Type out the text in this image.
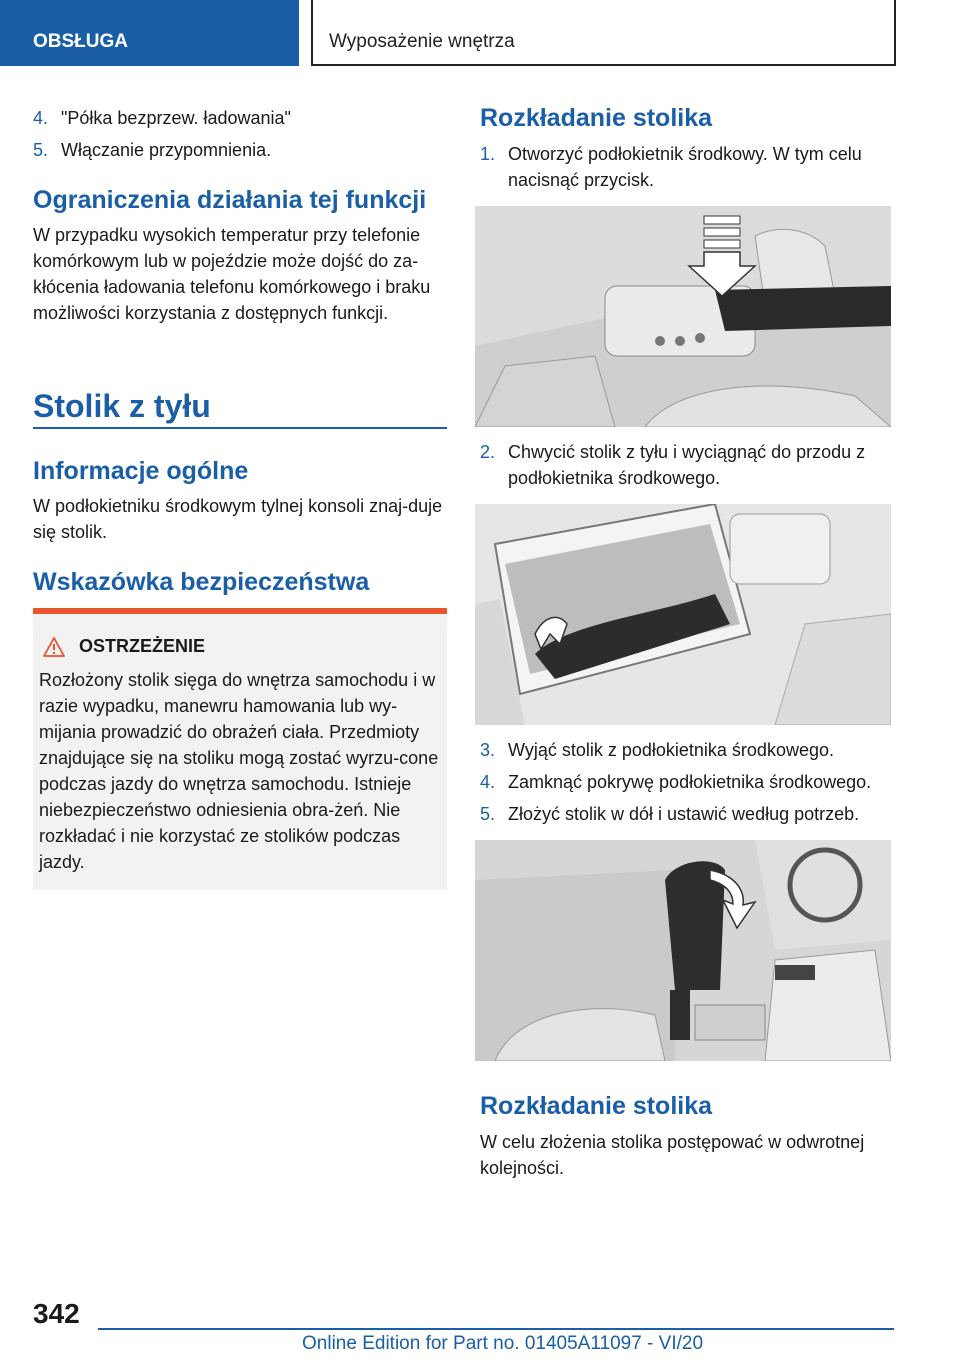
OBSŁUGA	Wyposażenie wnętrza
4. "Półka bezprzew. ładowania"
5. Włączanie przypomnienia.
Ograniczenia działania tej funkcji
W przypadku wysokich temperatur przy telefonie komórkowym lub w pojeździe może dojść do za-kłócenia ładowania telefonu komórkowego i braku możliwości korzystania z dostępnych funkcji.
Stolik z tyłu
Informacje ogólne
W podłokietniku środkowym tylnej konsoli znaj-duje się stolik.
Wskazówka bezpieczeństwa
OSTRZEŻENIE
Rozłożony stolik sięga do wnętrza samochodu i w razie wypadku, manewru hamowania lub wy-mijania prowadzić do obrażeń ciała. Przedmioty znajdujące się na stoliku mogą zostać wyrzu-cone podczas jazdy do wnętrza samochodu. Istnieje niebezpieczeństwo odniesienia obra-żeń. Nie rozkładać i nie korzystać ze stolików podczas jazdy.
Rozkładanie stolika
1. Otworzyć podłokietnik środkowy. W tym celu nacisnąć przycisk.
2. Chwycić stolik z tyłu i wyciągnąć do przodu z podłokietnika środkowego.
3. Wyjąć stolik z podłokietnika środkowego.
4. Zamknąć pokrywę podłokietnika środkowego.
5. Złożyć stolik w dół i ustawić według potrzeb.
Rozkładanie stolika
W celu złożenia stolika postępować w odwrotnej kolejności.
342
Online Edition for Part no. 01405A11097 - VI/20
